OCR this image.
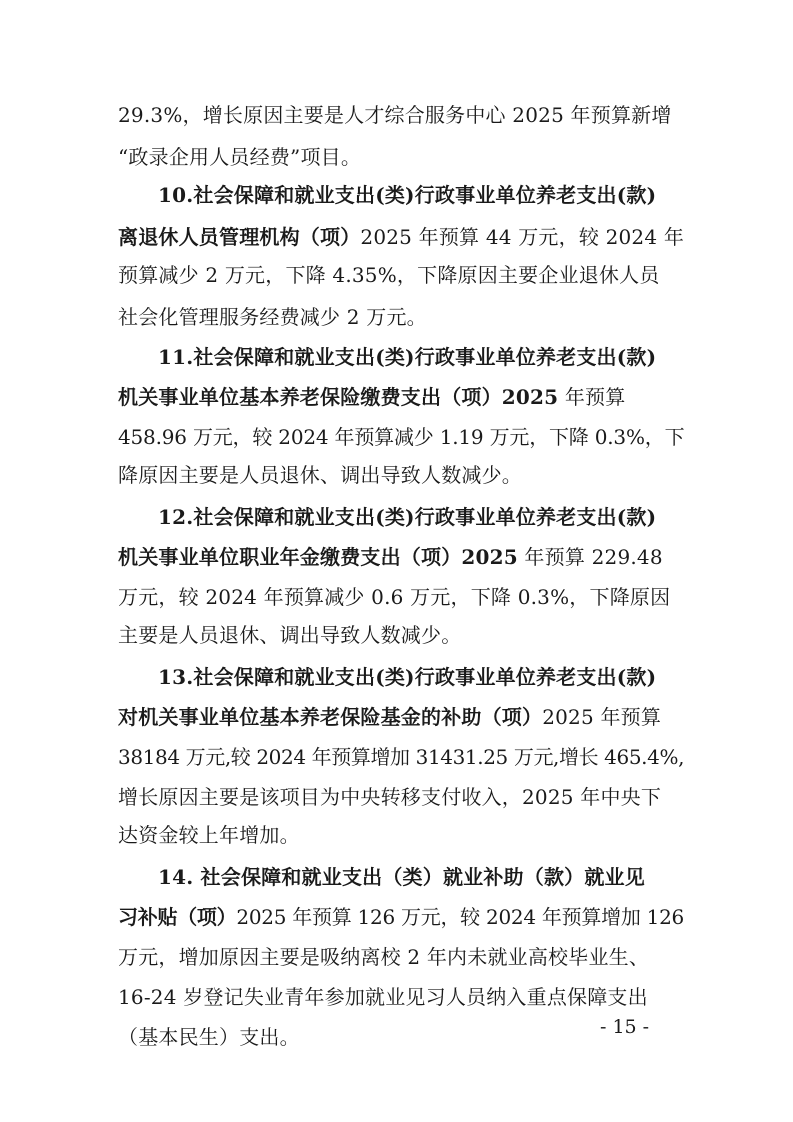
29.3%，增长原因主要是人才综合服务中心 2025 年预算新增
“政录企用人员经费”项目。
10.社会保障和就业支出(类)行政事业单位养老支出(款)
离退休人员管理机构（项）2025 年预算 44 万元，较 2024 年
预算减少 2 万元，下降 4.35%，下降原因主要企业退休人员
社会化管理服务经费减少 2 万元。
11.社会保障和就业支出(类)行政事业单位养老支出(款)
机关事业单位基本养老保险缴费支出（项）2025 年预算
458.96 万元，较 2024 年预算减少 1.19 万元，下降 0.3%，下
降原因主要是人员退休、调出导致人数减少。
12.社会保障和就业支出(类)行政事业单位养老支出(款)
机关事业单位职业年金缴费支出（项）2025 年预算 229.48
万元，较 2024 年预算减少 0.6 万元，下降 0.3%，下降原因
主要是人员退休、调出导致人数减少。
13.社会保障和就业支出(类)行政事业单位养老支出(款)
对机关事业单位基本养老保险基金的补助（项）2025 年预算
38184 万元,较 2024 年预算增加 31431.25 万元,增长 465.4%,
增长原因主要是该项目为中央转移支付收入，2025 年中央下
达资金较上年增加。
14. 社会保障和就业支出（类）就业补助（款）就业见
习补贴（项）2025 年预算 126 万元，较 2024 年预算增加 126
万元，增加原因主要是吸纳离校 2 年内未就业高校毕业生、
16-24 岁登记失业青年参加就业见习人员纳入重点保障支出
（基本民生）支出。	- 15 -
